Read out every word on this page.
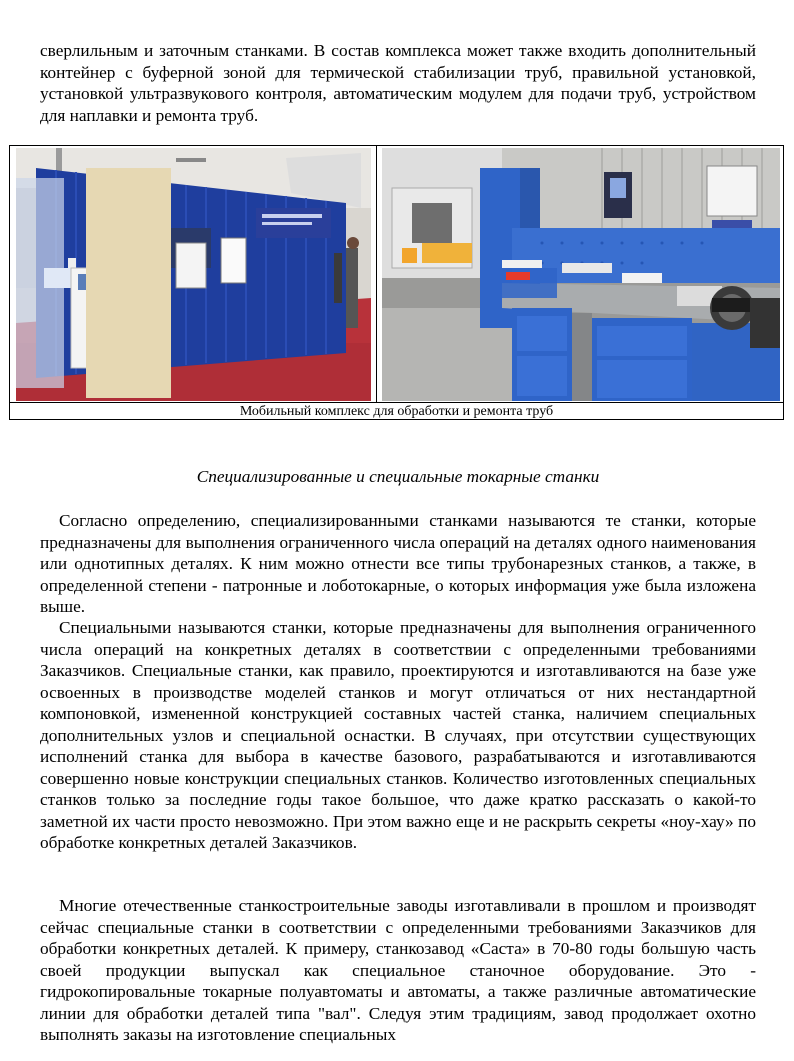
сверлильным и заточным станками. В состав комплекса может также входить дополнительный контейнер с буферной зоной для термической стабилизации труб, правильной установкой, установкой ультразвукового контроля, автоматическим модулем для подачи труб, устройством для наплавки и ремонта труб.

Мобильный комплекс для обработки и ремонта труб

Специализированные и специальные токарные станки

Согласно определению, специализированными станками называются те станки, которые предназначены для выполнения ограниченного числа операций на деталях одного наименования или однотипных деталях. К ним можно отнести все типы трубонарезных станков, а также, в определенной степени - патронные и лоботокарные, о которых информация уже была изложена выше.

Специальными называются станки, которые предназначены для выполнения ограниченного числа операций на конкретных деталях в соответствии с определенными требованиями Заказчиков. Специальные станки, как правило, проектируются и изготавливаются на базе уже освоенных в производстве моделей станков и могут отличаться от них нестандартной компоновкой, измененной конструкцией составных частей станка, наличием специальных дополнительных узлов и специальной оснастки. В случаях, при отсутствии существующих исполнений станка для выбора в качестве базового, разрабатываются и изготавливаются совершенно новые конструкции специальных станков. Количество изготовленных специальных станков только за последние годы такое большое, что даже кратко рассказать о какой-то заметной их части просто невозможно. При этом важно еще и не раскрыть секреты «ноу-хау» по обработке конкретных деталей Заказчиков.

Многие отечественные станкостроительные заводы изготавливали в прошлом и производят сейчас специальные станки в соответствии с определенными требованиями Заказчиков для обработки конкретных деталей. К примеру, станкозавод «Саста» в 70-80 годы большую часть своей продукции выпускал как специальное станочное оборудование. Это - гидрокопировальные токарные полуавтоматы и автоматы, а также различные автоматические линии для обработки деталей типа "вал". Следуя этим традициям, завод продолжает охотно выполнять заказы на изготовление специальных
